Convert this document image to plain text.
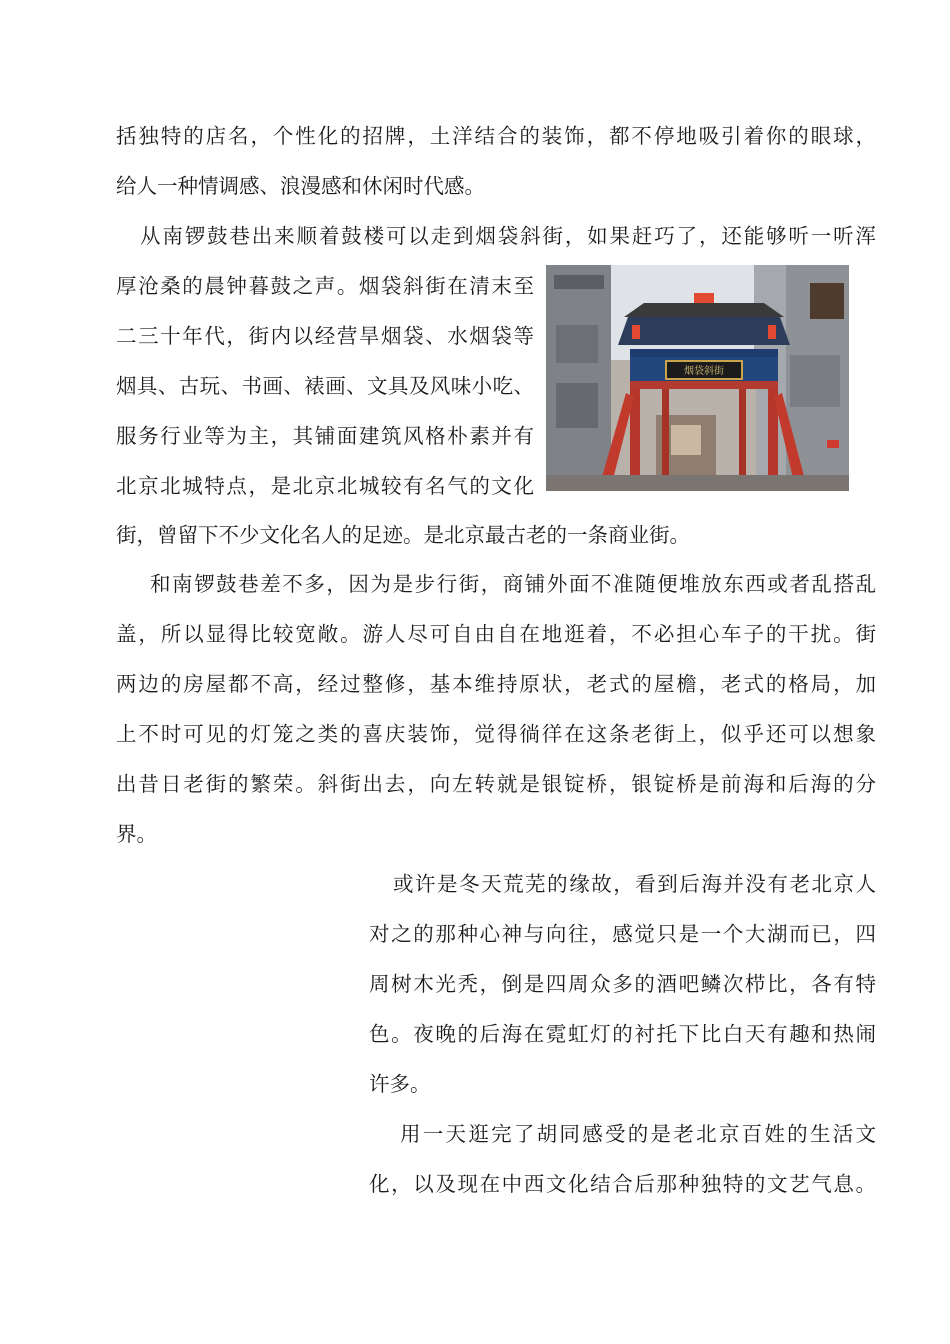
括独特的店名，个性化的招牌，土洋结合的装饰，都不停地吸引着你的眼球，
给人一种情调感、浪漫感和休闲时代感。
从南锣鼓巷出来顺着鼓楼可以走到烟袋斜街，如果赶巧了，还能够听一听浑
厚沧桑的晨钟暮鼓之声。烟袋斜街在清末至
二三十年代，街内以经营旱烟袋、水烟袋等
烟具、古玩、书画、裱画、文具及风味小吃、
服务行业等为主，其铺面建筑风格朴素并有
北京北城特点，是北京北城较有名气的文化
街，曾留下不少文化名人的足迹。是北京最古老的一条商业街。
烟袋斜街
和南锣鼓巷差不多，因为是步行街，商铺外面不准随便堆放东西或者乱搭乱
盖，所以显得比较宽敞。游人尽可自由自在地逛着，不必担心车子的干扰。街
两边的房屋都不高，经过整修，基本维持原状，老式的屋檐，老式的格局，加
上不时可见的灯笼之类的喜庆装饰，觉得徜徉在这条老街上，似乎还可以想象
出昔日老街的繁荣。斜街出去，向左转就是银锭桥，银锭桥是前海和后海的分
界。
或许是冬天荒芜的缘故，看到后海并没有老北京人
对之的那种心神与向往，感觉只是一个大湖而已，四
周树木光秃，倒是四周众多的酒吧鳞次栉比，各有特
色。夜晚的后海在霓虹灯的衬托下比白天有趣和热闹
许多。
用一天逛完了胡同感受的是老北京百姓的生活文
化，以及现在中西文化结合后那种独特的文艺气息。
